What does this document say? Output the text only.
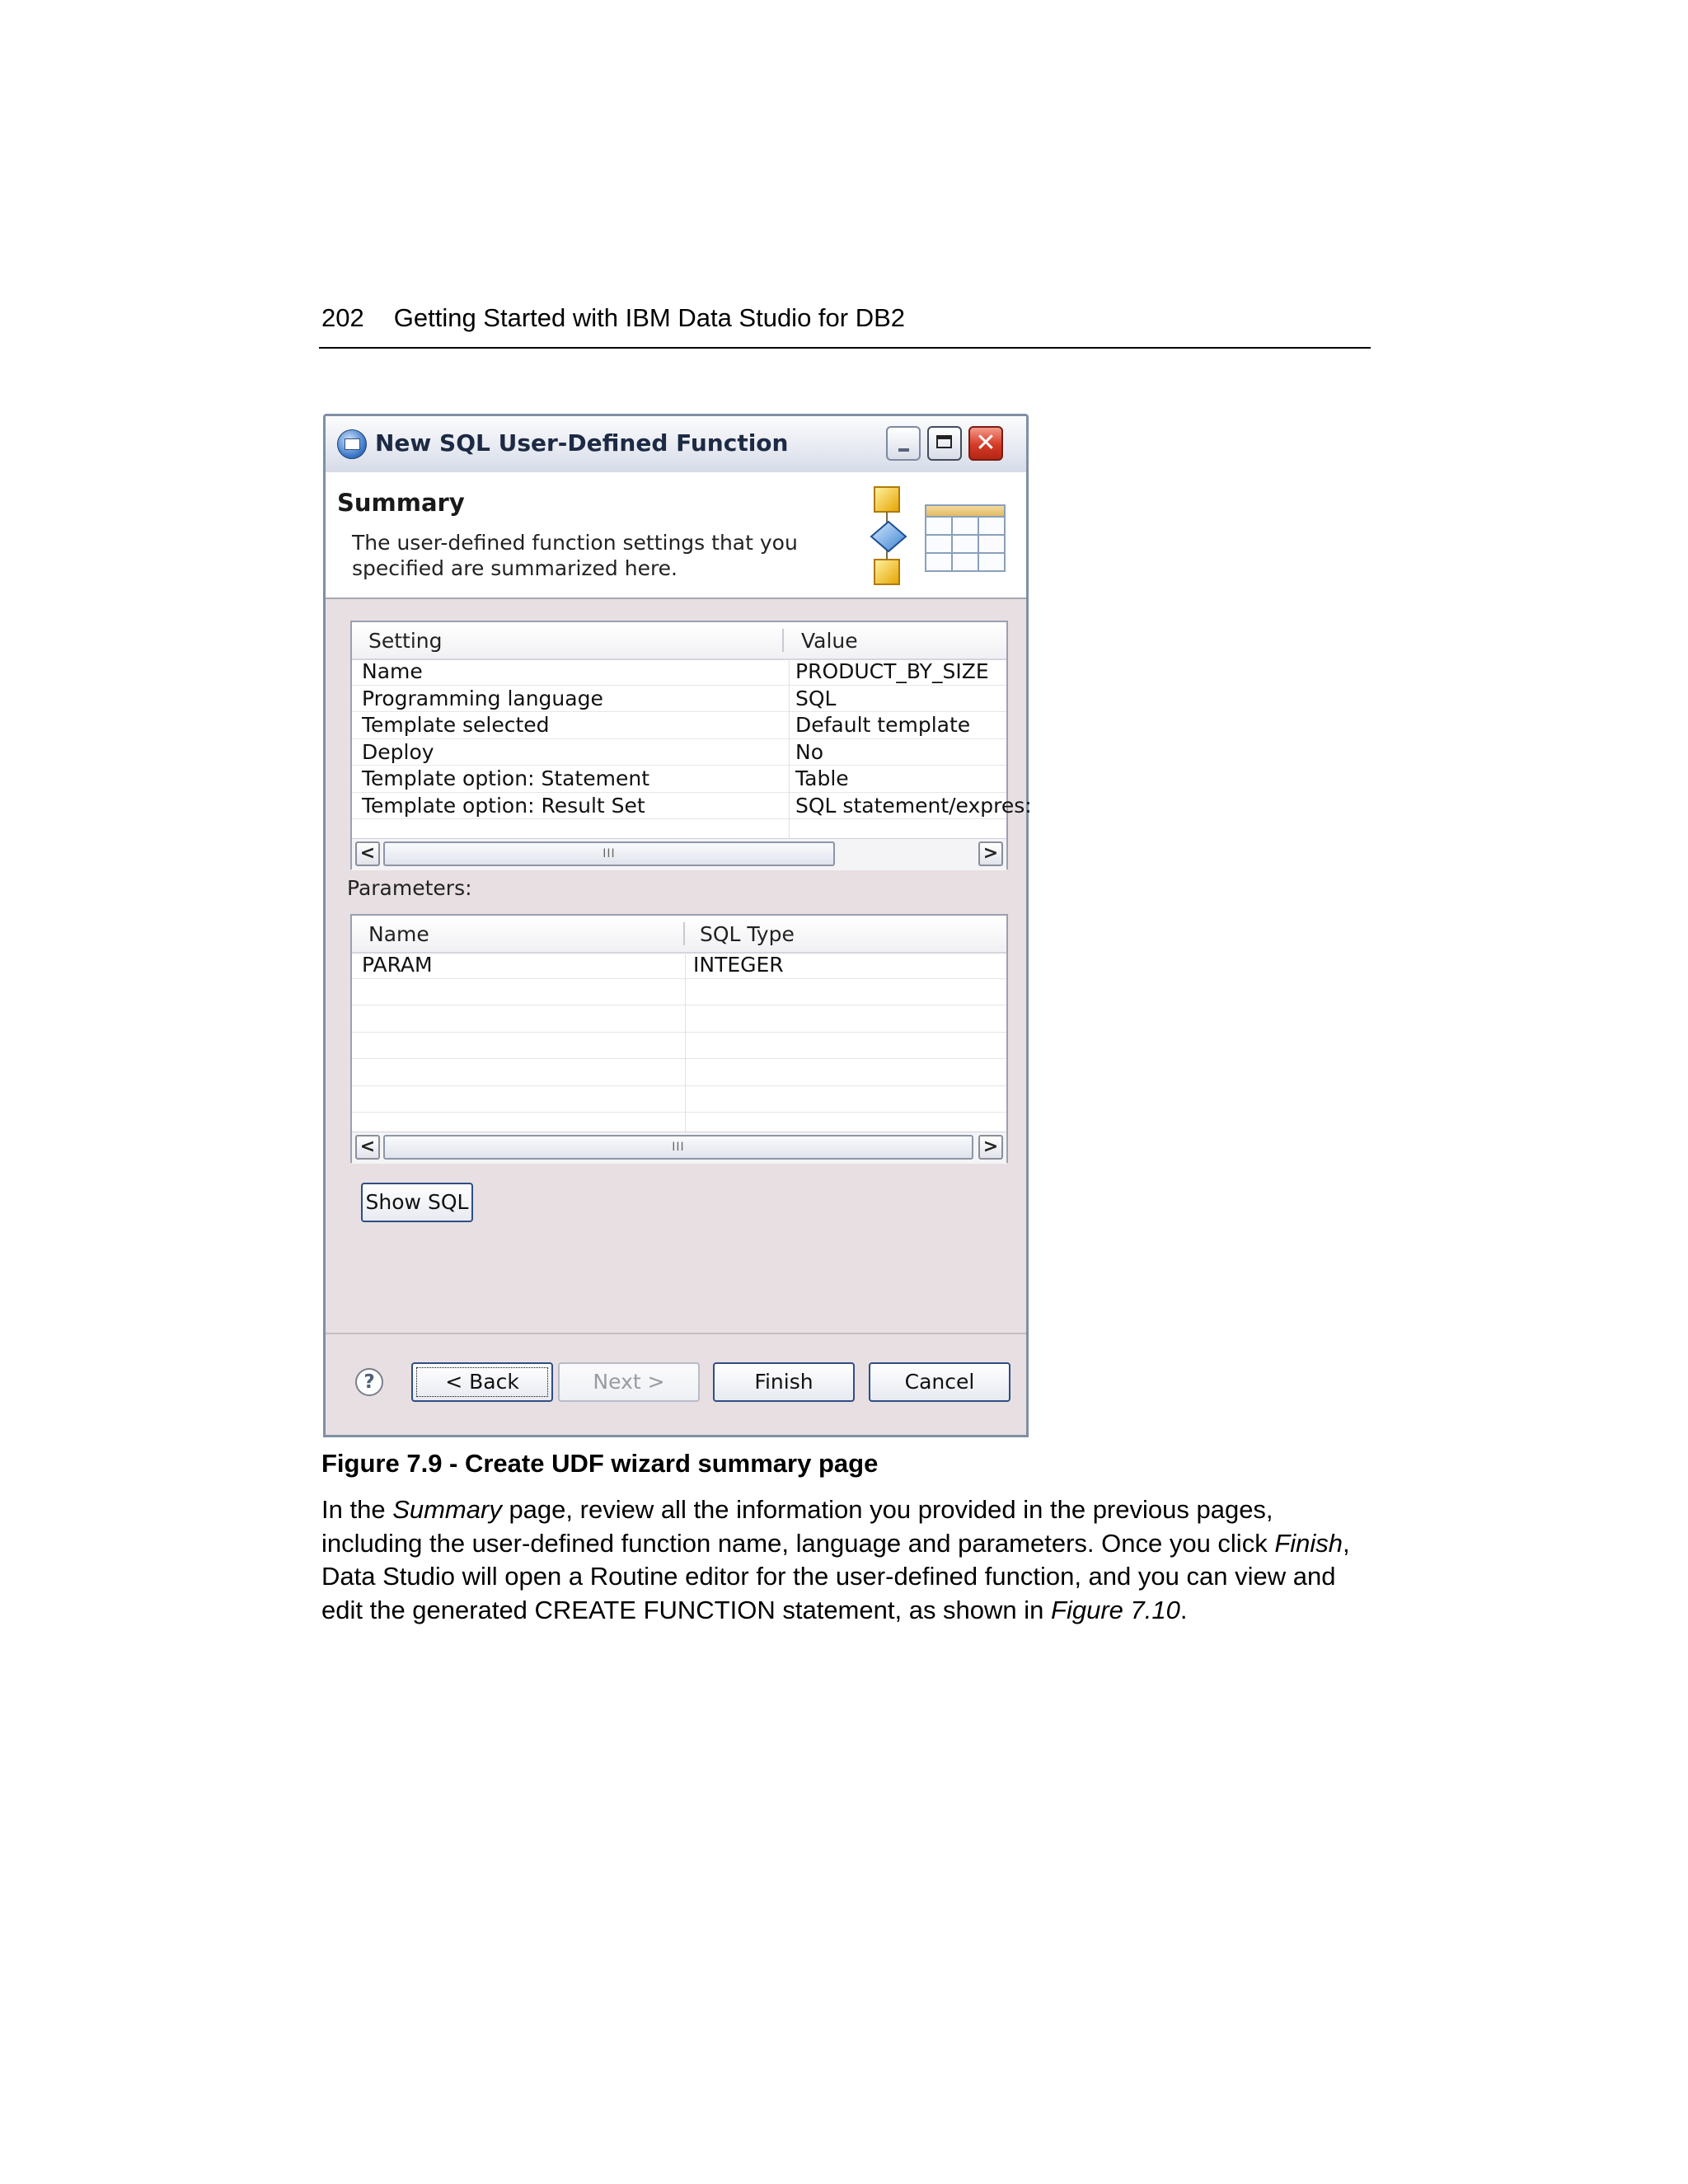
202 Getting Started with IBM Data Studio for DB2
New SQL User-Defined Function	✕
Summary
The user-defined function settings that you specified are summarized here.
Setting	Value
Name	PRODUCT_BY_SIZE
Programming language	SQL
Template selected	Default template
Deploy	No
Template option: Statement	Table
Template option: Result Set	SQL statement/expres:
<	III	>
Parameters:
Name	SQL Type
PARAM	INTEGER
<	III	>
Show SQL
?	< Back	Next >	Finish	Cancel
Figure 7.9 - Create UDF wizard summary page
In the Summary page, review all the information you provided in the previous pages,
including the user-defined function name, language and parameters. Once you click Finish,
Data Studio will open a Routine editor for the user-defined function, and you can view and
edit the generated CREATE FUNCTION statement, as shown in Figure 7.10.
